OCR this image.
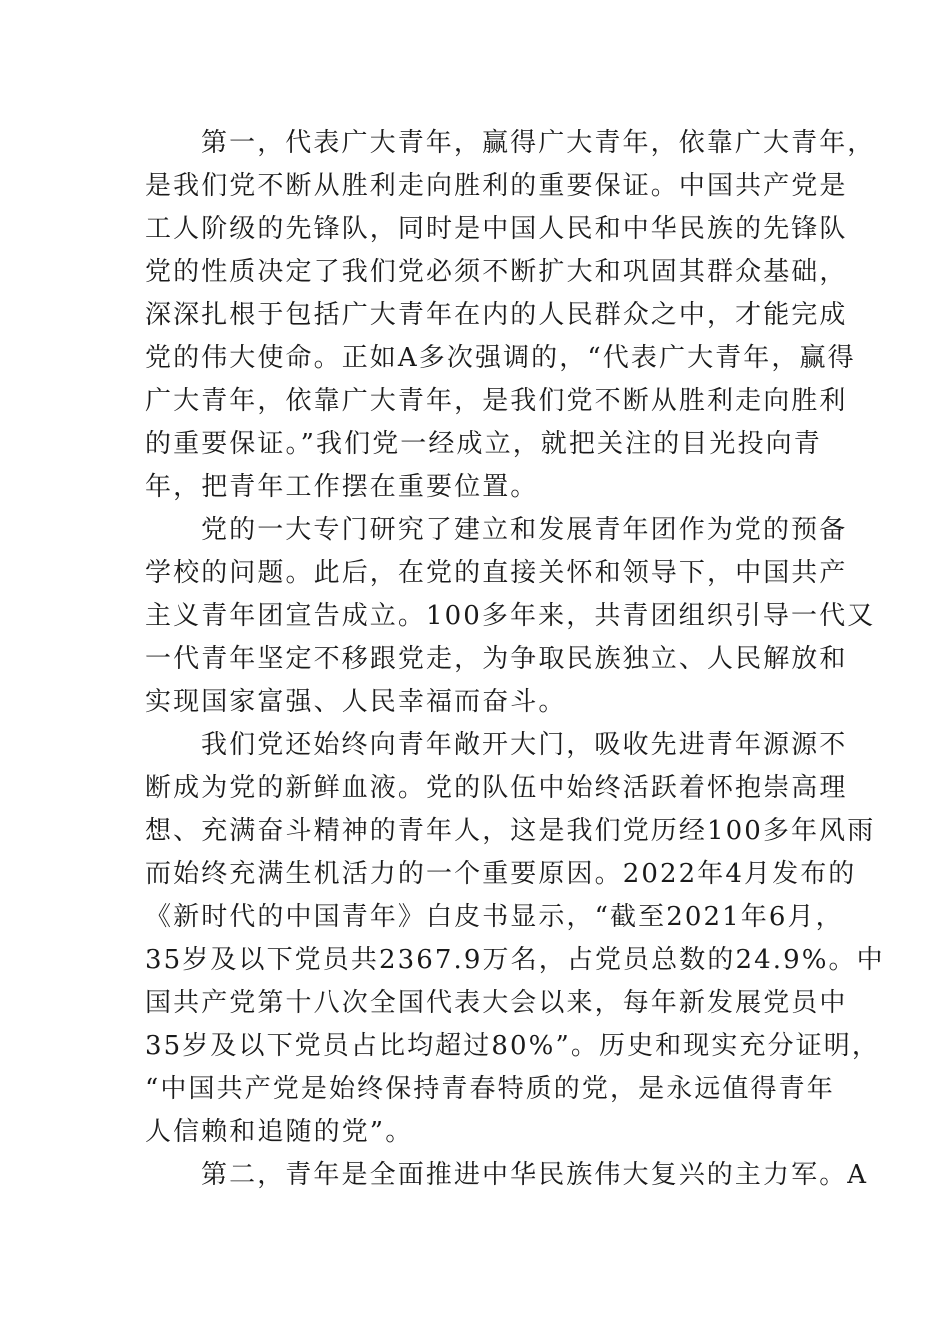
第一，代表广大青年，赢得广大青年，依靠广大青年，
是我们党不断从胜利走向胜利的重要保证。中国共产党是
工人阶级的先锋队，同时是中国人民和中华民族的先锋队
党的性质决定了我们党必须不断扩大和巩固其群众基础，
深深扎根于包括广大青年在内的人民群众之中，才能完成
党的伟大使命。正如A多次强调的，“代表广大青年，赢得
广大青年，依靠广大青年，是我们党不断从胜利走向胜利
的重要保证。”我们党一经成立，就把关注的目光投向青
年，把青年工作摆在重要位置。
党的一大专门研究了建立和发展青年团作为党的预备
学校的问题。此后，在党的直接关怀和领导下，中国共产
主义青年团宣告成立。100多年来，共青团组织引导一代又
一代青年坚定不移跟党走，为争取民族独立、人民解放和
实现国家富强、人民幸福而奋斗。
我们党还始终向青年敞开大门，吸收先进青年源源不
断成为党的新鲜血液。党的队伍中始终活跃着怀抱崇高理
想、充满奋斗精神的青年人，这是我们党历经100多年风雨
而始终充满生机活力的一个重要原因。2022年4月发布的
《新时代的中国青年》白皮书显示，“截至2021年6月，
35岁及以下党员共2367.9万名，占党员总数的24.9%。中
国共产党第十八次全国代表大会以来，每年新发展党员中
35岁及以下党员占比均超过80%”。历史和现实充分证明，
“中国共产党是始终保持青春特质的党，是永远值得青年
人信赖和追随的党”。
第二，青年是全面推进中华民族伟大复兴的主力军。A
